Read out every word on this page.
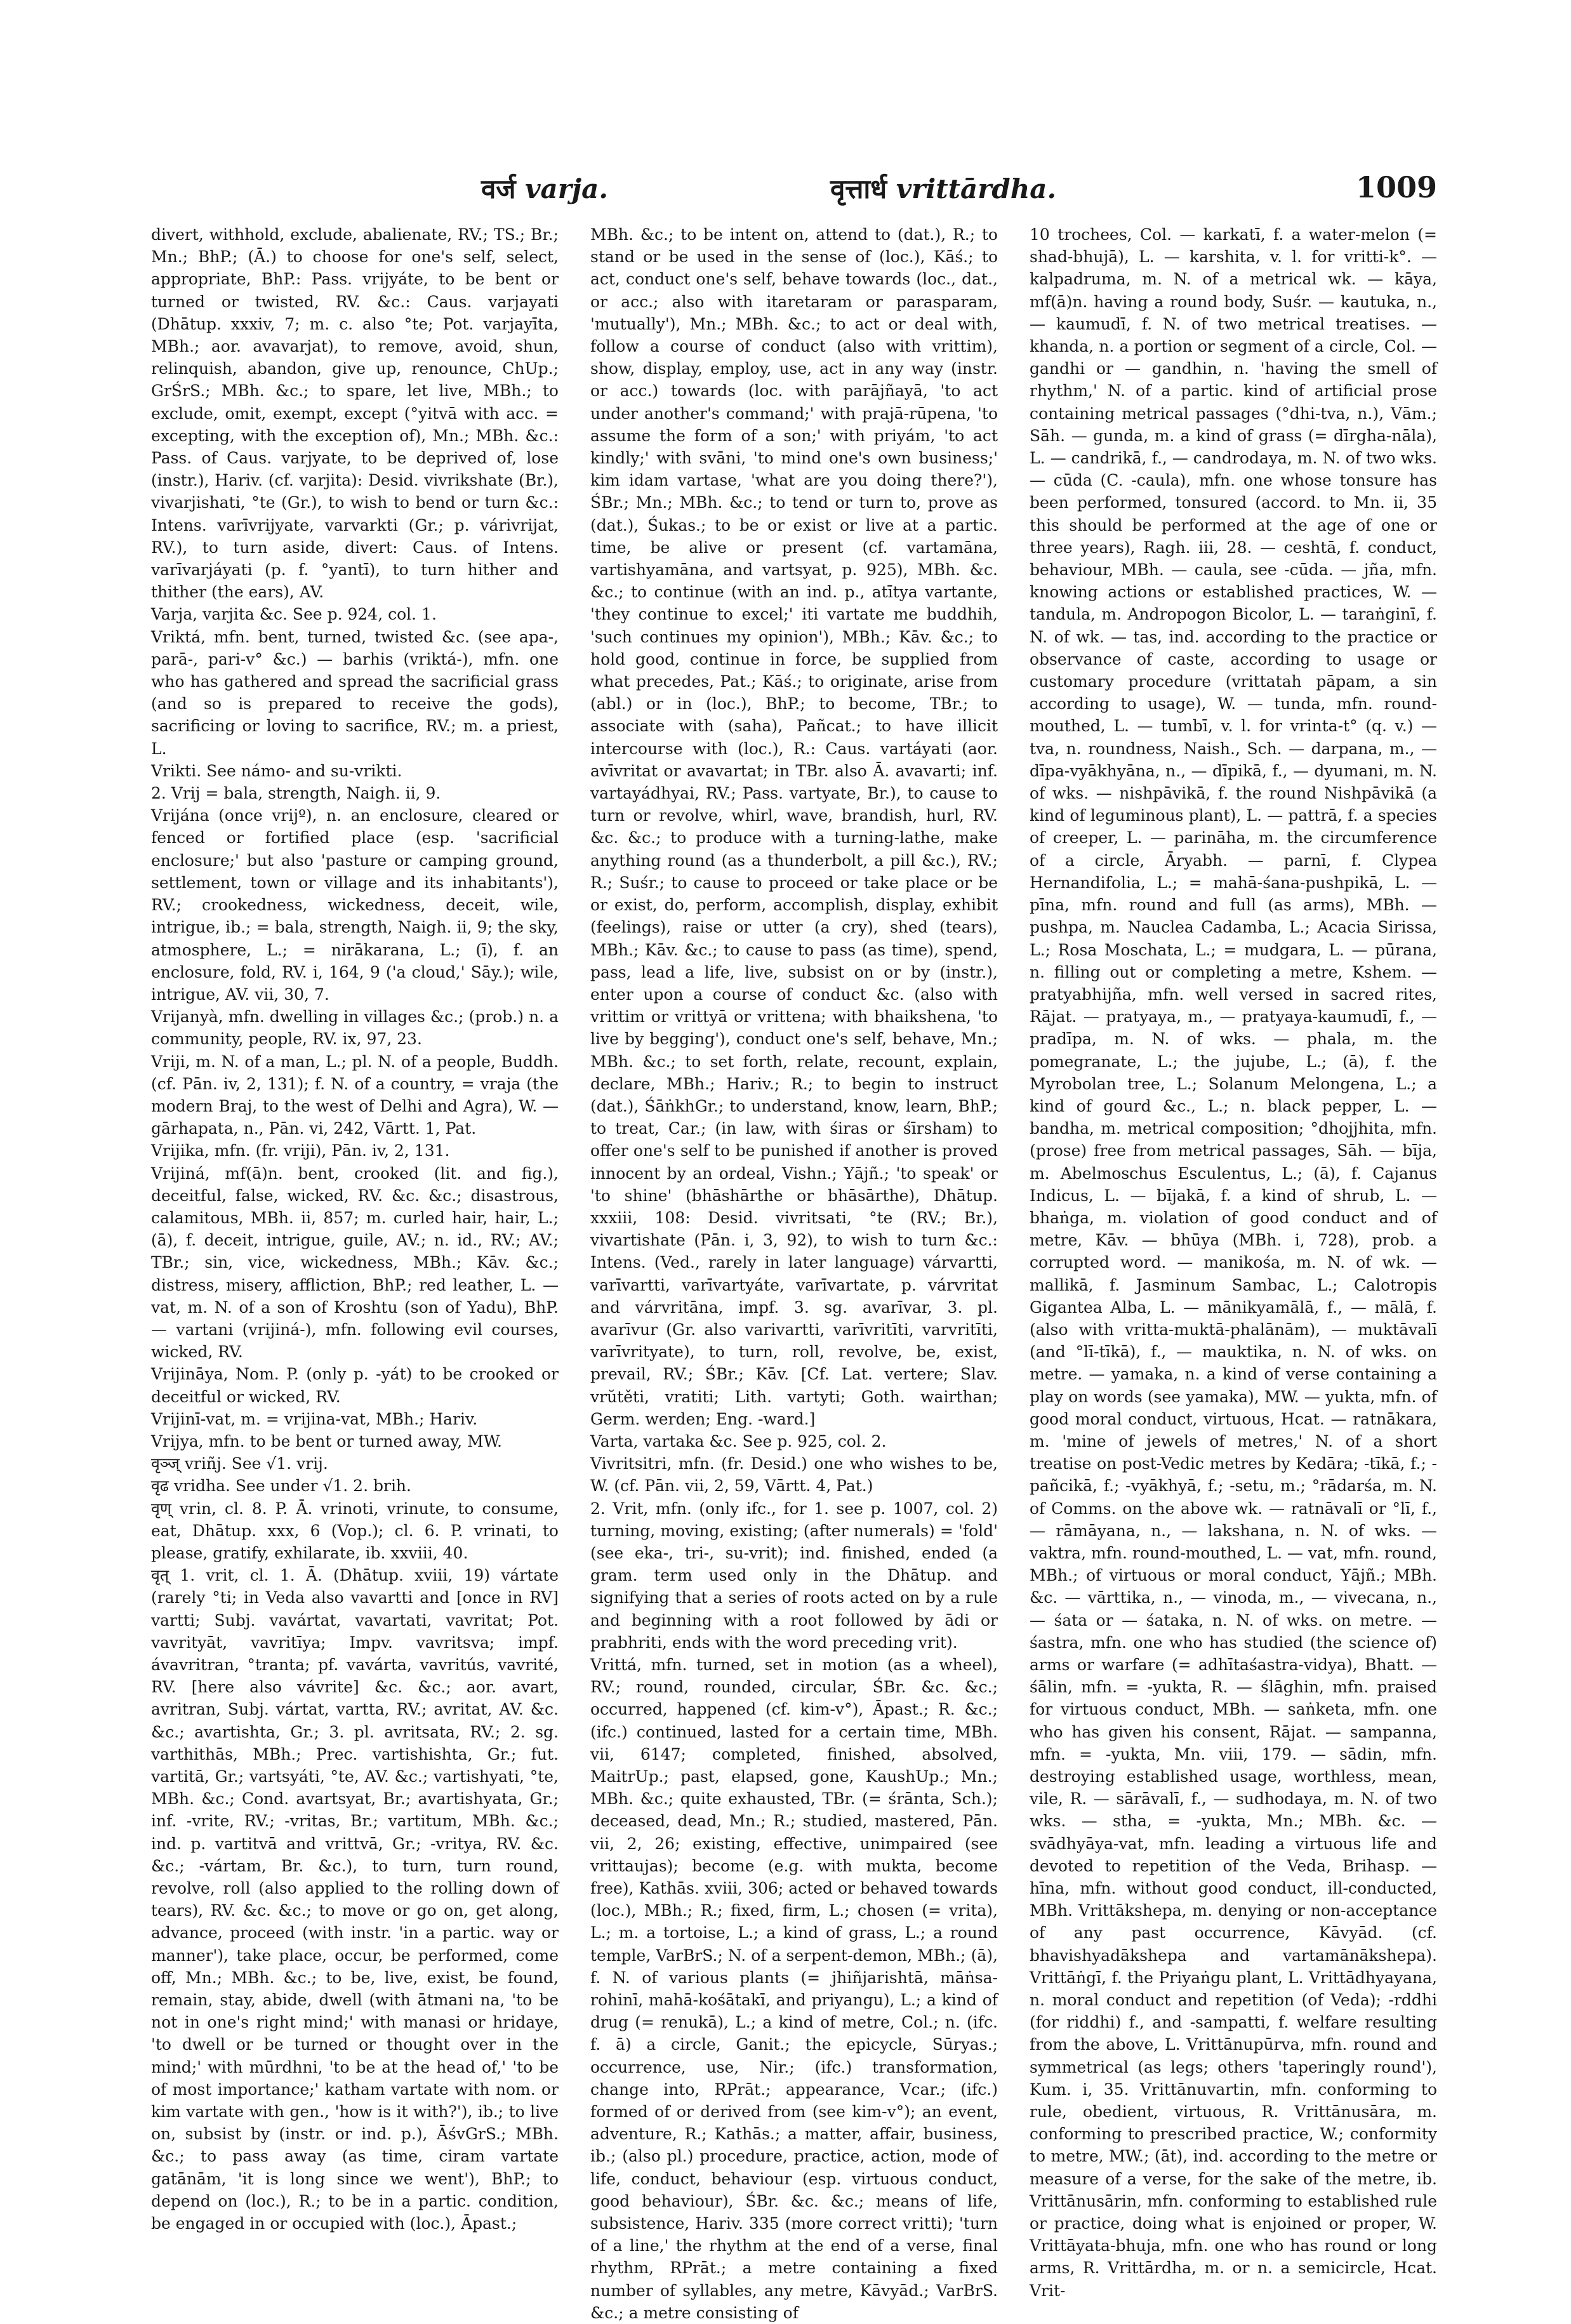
वर्ज varja.	वृत्तार्ध vrittārdha.	1009

divert, withhold, exclude, abalienate, RV.; TS.; Br.; Mn.; BhP.; (Ā.) to choose for one's self, select, appropriate, BhP.: Pass. vrijyáte, to be bent or turned or twisted, RV. &c.: Caus. varjayati (Dhātup. xxxiv, 7; m. c. also °te; Pot. varjayīta, MBh.; aor. avavarjat), to remove, avoid, shun, relinquish, abandon, give up, renounce, ChUp.; GrŚrS.; MBh. &c.; to spare, let live, MBh.; to exclude, omit, exempt, except (°yitvā with acc. = excepting, with the exception of), Mn.; MBh. &c.: Pass. of Caus. varjyate, to be deprived of, lose (instr.), Hariv. (cf. varjita): Desid. vivrikshate (Br.), vivarjishati, °te (Gr.), to wish to bend or turn &c.: Intens. varīvrijyate, varvarkti (Gr.; p. várivrijat, RV.), to turn aside, divert: Caus. of Intens. varīvarjáyati (p. f. °yantī), to turn hither and thither (the ears), AV.

Varja, varjita &c. See p. 924, col. 1.

Vriktá, mfn. bent, turned, twisted &c. (see apa-, parā-, pari-v° &c.) — barhis (vriktá-), mfn. one who has gathered and spread the sacrificial grass (and so is prepared to receive the gods), sacrificing or loving to sacrifice, RV.; m. a priest, L.

Vrikti. See námo- and su-vrikti.

2. Vrij = bala, strength, Naigh. ii, 9.

Vrijána (once vrijº), n. an enclosure, cleared or fenced or fortified place (esp. 'sacrificial enclosure;' but also 'pasture or camping ground, settlement, town or village and its inhabitants'), RV.; crookedness, wickedness, deceit, wile, intrigue, ib.; = bala, strength, Naigh. ii, 9; the sky, atmosphere, L.; = nirākarana, L.; (ī), f. an enclosure, fold, RV. i, 164, 9 ('a cloud,' Sāy.); wile, intrigue, AV. vii, 30, 7.

Vrijanyà, mfn. dwelling in villages &c.; (prob.) n. a community, people, RV. ix, 97, 23.

Vriji, m. N. of a man, L.; pl. N. of a people, Buddh. (cf. Pān. iv, 2, 131); f. N. of a country, = vraja (the modern Braj, to the west of Delhi and Agra), W. — gārhapata, n., Pān. vi, 242, Vārtt. 1, Pat.

Vrijika, mfn. (fr. vriji), Pān. iv, 2, 131.

Vrijiná, mf(ā)n. bent, crooked (lit. and fig.), deceitful, false, wicked, RV. &c. &c.; disastrous, calamitous, MBh. ii, 857; m. curled hair, hair, L.; (ā), f. deceit, intrigue, guile, AV.; n. id., RV.; AV.; TBr.; sin, vice, wickedness, MBh.; Kāv. &c.; distress, misery, affliction, BhP.; red leather, L. — vat, m. N. of a son of Kroshtu (son of Yadu), BhP. — vartani (vrijiná-), mfn. following evil courses, wicked, RV.

Vrijināya, Nom. P. (only p. -yát) to be crooked or deceitful or wicked, RV.

Vrijinī-vat, m. = vrijina-vat, MBh.; Hariv.

Vrijya, mfn. to be bent or turned away, MW.

वृञ्ज् vriñj. See √1. vrij.

वृढ vridha. See under √1. 2. brih.

वृण् vrin, cl. 8. P. Ā. vrinoti, vrinute, to consume, eat, Dhātup. xxx, 6 (Vop.); cl. 6. P. vrinati, to please, gratify, exhilarate, ib. xxviii, 40.

वृत् 1. vrit, cl. 1. Ā. (Dhātup. xviii, 19) vártate (rarely °ti; in Veda also vavartti and [once in RV] vartti; Subj. vavártat, vavartati, vavritat; Pot. vavrityāt, vavritīya; Impv. vavritsva; impf. ávavritran, °tranta; pf. vavárta, vavritús, vavrité, RV. [here also vávrite] &c. &c.; aor. avart, avritran, Subj. vártat, vartta, RV.; avritat, AV. &c. &c.; avartishta, Gr.; 3. pl. avritsata, RV.; 2. sg. varthithās, MBh.; Prec. vartishishta, Gr.; fut. vartitā, Gr.; vartsyáti, °te, AV. &c.; vartishyati, °te, MBh. &c.; Cond. avartsyat, Br.; avartishyata, Gr.; inf. -vrite, RV.; -vritas, Br.; vartitum, MBh. &c.; ind. p. vartitvā and vrittvā, Gr.; -vritya, RV. &c. &c.; -vártam, Br. &c.), to turn, turn round, revolve, roll (also applied to the rolling down of tears), RV. &c. &c.; to move or go on, get along, advance, proceed (with instr. 'in a partic. way or manner'), take place, occur, be performed, come off, Mn.; MBh. &c.; to be, live, exist, be found, remain, stay, abide, dwell (with ātmani na, 'to be not in one's right mind;' with manasi or hridaye, 'to dwell or be turned or thought over in the mind;' with mūrdhni, 'to be at the head of,' 'to be of most importance;' katham vartate with nom. or kim vartate with gen., 'how is it with?'), ib.; to live on, subsist by (instr. or ind. p.), ĀśvGrS.; MBh. &c.; to pass away (as time, ciram vartate gatānām, 'it is long since we went'), BhP.; to depend on (loc.), R.; to be in a partic. condition, be engaged in or occupied with (loc.), Āpast.;

MBh. &c.; to be intent on, attend to (dat.), R.; to stand or be used in the sense of (loc.), Kāś.; to act, conduct one's self, behave towards (loc., dat., or acc.; also with itaretaram or parasparam, 'mutually'), Mn.; MBh. &c.; to act or deal with, follow a course of conduct (also with vrittim), show, display, employ, use, act in any way (instr. or acc.) towards (loc. with parājñayā, 'to act under another's command;' with prajā-rūpena, 'to assume the form of a son;' with priyám, 'to act kindly;' with svāni, 'to mind one's own business;' kim idam vartase, 'what are you doing there?'), ŚBr.; Mn.; MBh. &c.; to tend or turn to, prove as (dat.), Śukas.; to be or exist or live at a partic. time, be alive or present (cf. vartamāna, vartishyamāna, and vartsyat, p. 925), MBh. &c. &c.; to continue (with an ind. p., atītya vartante, 'they continue to excel;' iti vartate me buddhih, 'such continues my opinion'), MBh.; Kāv. &c.; to hold good, continue in force, be supplied from what precedes, Pat.; Kāś.; to originate, arise from (abl.) or in (loc.), BhP.; to become, TBr.; to associate with (saha), Pañcat.; to have illicit intercourse with (loc.), R.: Caus. vartáyati (aor. avīvritat or avavartat; in TBr. also Ā. avavarti; inf. vartayádhyai, RV.; Pass. vartyate, Br.), to cause to turn or revolve, whirl, wave, brandish, hurl, RV. &c. &c.; to produce with a turning-lathe, make anything round (as a thunderbolt, a pill &c.), RV.; R.; Suśr.; to cause to proceed or take place or be or exist, do, perform, accomplish, display, exhibit (feelings), raise or utter (a cry), shed (tears), MBh.; Kāv. &c.; to cause to pass (as time), spend, pass, lead a life, live, subsist on or by (instr.), enter upon a course of conduct &c. (also with vrittim or vrittyā or vrittena; with bhaikshena, 'to live by begging'), conduct one's self, behave, Mn.; MBh. &c.; to set forth, relate, recount, explain, declare, MBh.; Hariv.; R.; to begin to instruct (dat.), ŚāṅkhGr.; to understand, know, learn, BhP.; to treat, Car.; (in law, with śiras or śīrsham) to offer one's self to be punished if another is proved innocent by an ordeal, Vishn.; Yājñ.; 'to speak' or 'to shine' (bhāshārthe or bhāsārthe), Dhātup. xxxiii, 108: Desid. vivritsati, °te (RV.; Br.), vivartishate (Pān. i, 3, 92), to wish to turn &c.: Intens. (Ved., rarely in later language) várvartti, varīvartti, varīvartyáte, varīvartate, p. várvritat and várvritāna, impf. 3. sg. avarīvar, 3. pl. avarīvur (Gr. also varivartti, varīvritīti, varvritīti, varīvrityate), to turn, roll, revolve, be, exist, prevail, RV.; ŚBr.; Kāv. [Cf. Lat. vertere; Slav. vrŭtěti, vratiti; Lith. vartyti; Goth. wairthan; Germ. werden; Eng. -ward.]

Varta, vartaka &c. See p. 925, col. 2.

Vivritsitri, mfn. (fr. Desid.) one who wishes to be, W. (cf. Pān. vii, 2, 59, Vārtt. 4, Pat.)

2. Vrit, mfn. (only ifc., for 1. see p. 1007, col. 2) turning, moving, existing; (after numerals) = 'fold' (see eka-, tri-, su-vrit); ind. finished, ended (a gram. term used only in the Dhātup. and signifying that a series of roots acted on by a rule and beginning with a root followed by ādi or prabhriti, ends with the word preceding vrit).

Vrittá, mfn. turned, set in motion (as a wheel), RV.; round, rounded, circular, ŚBr. &c. &c.; occurred, happened (cf. kim-v°), Āpast.; R. &c.; (ifc.) continued, lasted for a certain time, MBh. vii, 6147; completed, finished, absolved, MaitrUp.; past, elapsed, gone, KaushUp.; Mn.; MBh. &c.; quite exhausted, TBr. (= śrānta, Sch.); deceased, dead, Mn.; R.; studied, mastered, Pān. vii, 2, 26; existing, effective, unimpaired (see vrittaujas); become (e.g. with mukta, become free), Kathās. xviii, 306; acted or behaved towards (loc.), MBh.; R.; fixed, firm, L.; chosen (= vrita), L.; m. a tortoise, L.; a kind of grass, L.; a round temple, VarBrS.; N. of a serpent-demon, MBh.; (ā), f. N. of various plants (= jhiñjarishtā, māṅsa-rohinī, mahā-kośātakī, and priyangu), L.; a kind of drug (= renukā), L.; a kind of metre, Col.; n. (ifc. f. ā) a circle, Ganit.; the epicycle, Sūryas.; occurrence, use, Nir.; (ifc.) transformation, change into, RPrāt.; appearance, Vcar.; (ifc.) formed of or derived from (see kim-v°); an event, adventure, R.; Kathās.; a matter, affair, business, ib.; (also pl.) procedure, practice, action, mode of life, conduct, behaviour (esp. virtuous conduct, good behaviour), ŚBr. &c. &c.; means of life, subsistence, Hariv. 335 (more correct vritti); 'turn of a line,' the rhythm at the end of a verse, final rhythm, RPrāt.; a metre containing a fixed number of syllables, any metre, Kāvyād.; VarBrS. &c.; a metre consisting of

10 trochees, Col. — karkatī, f. a water-melon (= shad-bhujā), L. — karshita, v. l. for vritti-k°. — kalpadruma, m. N. of a metrical wk. — kāya, mf(ā)n. having a round body, Suśr. — kautuka, n., — kaumudī, f. N. of two metrical treatises. — khanda, n. a portion or segment of a circle, Col. — gandhi or — gandhin, n. 'having the smell of rhythm,' N. of a partic. kind of artificial prose containing metrical passages (°dhi-tva, n.), Vām.; Sāh. — gunda, m. a kind of grass (= dīrgha-nāla), L. — candrikā, f., — candrodaya, m. N. of two wks. — cūda (C. -caula), mfn. one whose tonsure has been performed, tonsured (accord. to Mn. ii, 35 this should be performed at the age of one or three years), Ragh. iii, 28. — ceshtā, f. conduct, behaviour, MBh. — caula, see -cūda. — jña, mfn. knowing actions or established practices, W. — tandula, m. Andropogon Bicolor, L. — taraṅginī, f. N. of wk. — tas, ind. according to the practice or observance of caste, according to usage or customary procedure (vrittatah pāpam, a sin according to usage), W. — tunda, mfn. round-mouthed, L. — tumbī, v. l. for vrinta-t° (q. v.) — tva, n. roundness, Naish., Sch. — darpana, m., — dīpa-vyākhyāna, n., — dīpikā, f., — dyumani, m. N. of wks. — nishpāvikā, f. the round Nishpāvikā (a kind of leguminous plant), L. — pattrā, f. a species of creeper, L. — parināha, m. the circumference of a circle, Āryabh. — parnī, f. Clypea Hernandifolia, L.; = mahā-śana-pushpikā, L. — pīna, mfn. round and full (as arms), MBh. — pushpa, m. Nauclea Cadamba, L.; Acacia Sirissa, L.; Rosa Moschata, L.; = mudgara, L. — pūrana, n. filling out or completing a metre, Kshem. — pratyabhijña, mfn. well versed in sacred rites, Rājat. — pratyaya, m., — pratyaya-kaumudī, f., — pradīpa, m. N. of wks. — phala, m. the pomegranate, L.; the jujube, L.; (ā), f. the Myrobolan tree, L.; Solanum Melongena, L.; a kind of gourd &c., L.; n. black pepper, L. — bandha, m. metrical composition; °dhojjhita, mfn. (prose) free from metrical passages, Sāh. — bīja, m. Abelmoschus Esculentus, L.; (ā), f. Cajanus Indicus, L. — bījakā, f. a kind of shrub, L. — bhaṅga, m. violation of good conduct and of metre, Kāv. — bhūya (MBh. i, 728), prob. a corrupted word. — manikośa, m. N. of wk. — mallikā, f. Jasminum Sambac, L.; Calotropis Gigantea Alba, L. — mānikyamālā, f., — mālā, f. (also with vritta-muktā-phalānām), — muktāvalī (and °lī-tīkā), f., — mauktika, n. N. of wks. on metre. — yamaka, n. a kind of verse containing a play on words (see yamaka), MW. — yukta, mfn. of good moral conduct, virtuous, Hcat. — ratnākara, m. 'mine of jewels of metres,' N. of a short treatise on post-Vedic metres by Kedāra; -tīkā, f.; -pañcikā, f.; -vyākhyā, f.; -setu, m.; °rādarśa, m. N. of Comms. on the above wk. — ratnāvalī or °lī, f., — rāmāyana, n., — lakshana, n. N. of wks. — vaktra, mfn. round-mouthed, L. — vat, mfn. round, MBh.; of virtuous or moral conduct, Yājñ.; MBh. &c. — vārttika, n., — vinoda, m., — vivecana, n., — śata or — śataka, n. N. of wks. on metre. — śastra, mfn. one who has studied (the science of) arms or warfare (= adhītaśastra-vidya), Bhatt. — śālin, mfn. = -yukta, R. — ślāghin, mfn. praised for virtuous conduct, MBh. — saṅketa, mfn. one who has given his consent, Rājat. — sampanna, mfn. = -yukta, Mn. viii, 179. — sādin, mfn. destroying established usage, worthless, mean, vile, R. — sārāvalī, f., — sudhodaya, m. N. of two wks. — stha, = -yukta, Mn.; MBh. &c. — svādhyāya-vat, mfn. leading a virtuous life and devoted to repetition of the Veda, Brihasp. — hīna, mfn. without good conduct, ill-conducted, MBh. Vrittākshepa, m. denying or non-acceptance of any past occurrence, Kāvyād. (cf. bhavishyadākshepa and vartamānākshepa). Vrittāṅgī, f. the Priyaṅgu plant, L. Vrittādhyayana, n. moral conduct and repetition (of Veda); -rddhi (for riddhi) f., and -sampatti, f. welfare resulting from the above, L. Vrittānupūrva, mfn. round and symmetrical (as legs; others 'taperingly round'), Kum. i, 35. Vrittānuvartin, mfn. conforming to rule, obedient, virtuous, R. Vrittānusāra, m. conforming to prescribed practice, W.; conformity to metre, MW.; (āt), ind. according to the metre or measure of a verse, for the sake of the metre, ib. Vrittānusārin, mfn. conforming to established rule or practice, doing what is enjoined or proper, W. Vrittāyata-bhuja, mfn. one who has round or long arms, R. Vrittārdha, m. or n. a semicircle, Hcat. Vrit-
